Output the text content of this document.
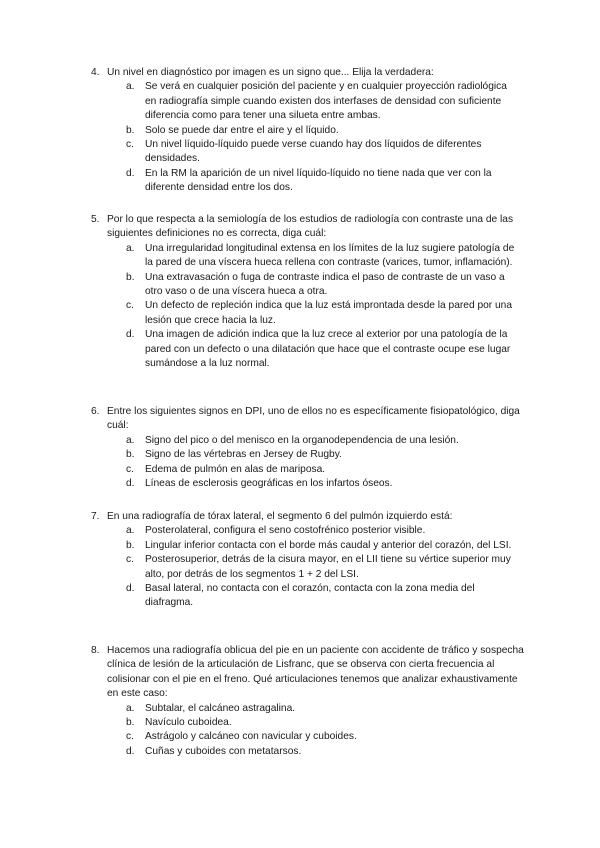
4. Un nivel en diagnóstico por imagen es un signo que... Elija la verdadera:
a. Se verá en cualquier posición del paciente y en cualquier proyección radiológica en radiografía simple cuando existen dos interfases de densidad con suficiente diferencia como para tener una silueta entre ambas.
b. Solo se puede dar entre el aire y el líquido.
c. Un nivel líquido-líquido puede verse cuando hay dos líquidos de diferentes densidades.
d. En la RM la aparición de un nivel líquido-líquido no tiene nada que ver con la diferente densidad entre los dos.
5. Por lo que respecta a la semiología de los estudios de radiología con contraste una de las siguientes definiciones no es correcta, diga cuál:
a. Una irregularidad longitudinal extensa en los límites de la luz sugiere patología de la pared de una víscera hueca rellena con contraste (varices, tumor, inflamación).
b. Una extravasación o fuga de contraste indica el paso de contraste de un vaso a otro vaso o de una víscera hueca a otra.
c. Un defecto de repleción indica que la luz está improntada desde la pared por una lesión que crece hacia la luz.
d. Una imagen de adición indica que la luz crece al exterior por una patología de la pared con un defecto o una dilatación que hace que el contraste ocupe ese lugar sumándose a la luz normal.
6. Entre los siguientes signos en DPI, uno de ellos no es específicamente fisiopatológico, diga cuál:
a. Signo del pico o del menisco en la organodependencia de una lesión.
b. Signo de las vértebras en Jersey de Rugby.
c. Edema de pulmón en alas de mariposa.
d. Líneas de esclerosis geográficas en los infartos óseos.
7. En una radiografía de tórax lateral, el segmento 6 del pulmón izquierdo está:
a. Posterolateral, configura el seno costofrénico posterior visible.
b. Lingular inferior contacta con el borde más caudal y anterior del corazón, del LSI.
c. Posterosuperior, detrás de la cisura mayor, en el LII tiene su vértice superior muy alto, por detrás de los segmentos 1 + 2 del LSI.
d. Basal lateral, no contacta con el corazón, contacta con la zona media del diafragma.
8. Hacemos una radiografía oblicua del pie en un paciente con accidente de tráfico y sospecha clínica de lesión de la articulación de Lisfranc, que se observa con cierta frecuencia al colisionar con el pie en el freno. Qué articulaciones tenemos que analizar exhaustivamente en este caso:
a. Subtalar, el calcáneo astragalina.
b. Navículo cuboidea.
c. Astrágolo y calcáneo con navicular y cuboides.
d. Cuñas y cuboides con metatarsos.
